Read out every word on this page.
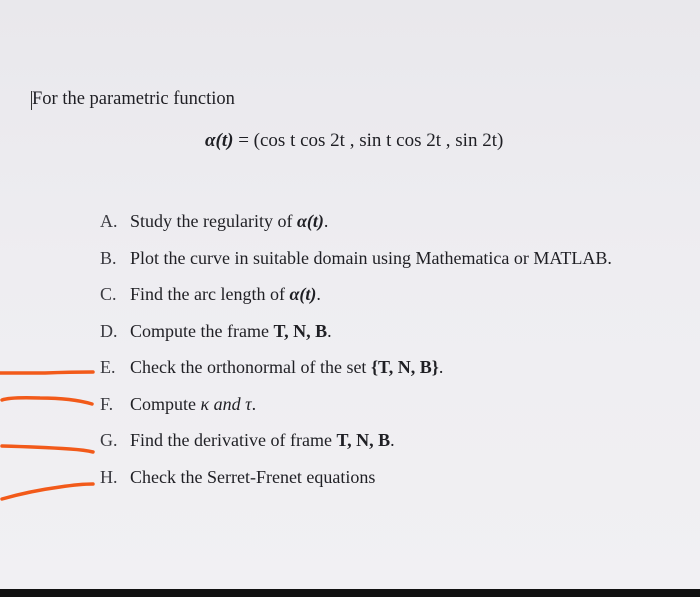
For the parametric function
α(t) = (cos t cos 2t , sin t cos 2t , sin 2t)
A. Study the regularity of α(t).
B. Plot the curve in suitable domain using Mathematica or MATLAB.
C. Find the arc length of α(t).
D. Compute the frame T, N, B.
E. Check the orthonormal of the set {T, N, B}.
F. Compute κ and τ.
G. Find the derivative of frame T, N, B.
H. Check the Serret-Frenet equations
